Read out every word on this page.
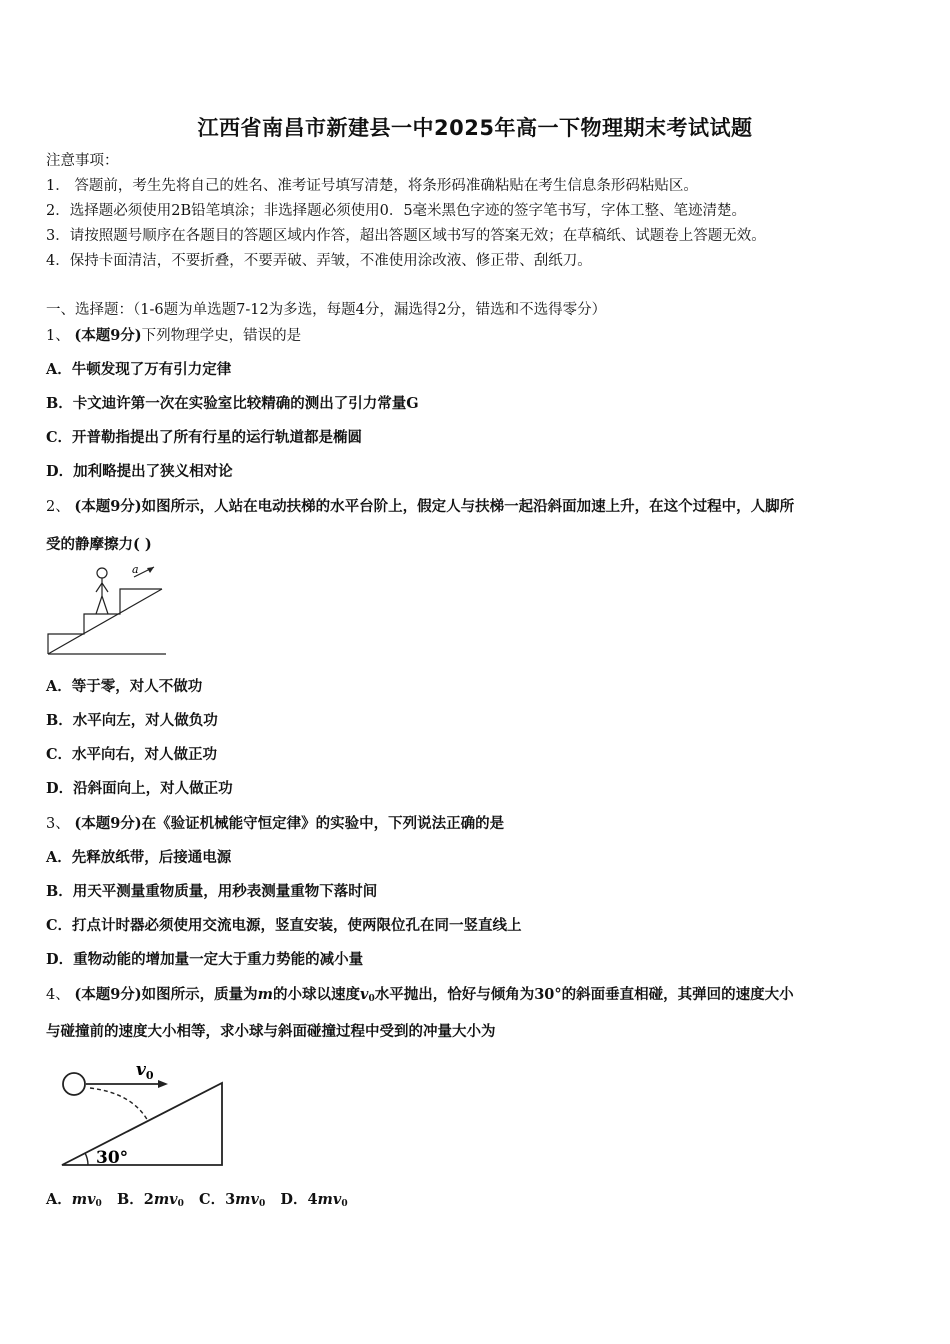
江西省南昌市新建县一中2025年高一下物理期末考试试题
注意事项：
1． 答题前，考生先将自己的姓名、准考证号填写清楚，将条形码准确粘贴在考生信息条形码粘贴区。
2．选择题必须使用2B铅笔填涂；非选择题必须使用0．5毫米黑色字迹的签字笔书写，字体工整、笔迹清楚。
3．请按照题号顺序在各题目的答题区域内作答，超出答题区域书写的答案无效；在草稿纸、试题卷上答题无效。
4．保持卡面清洁，不要折叠，不要弄破、弄皱，不准使用涂改液、修正带、刮纸刀。
一、选择题：（1-6题为单选题7-12为多选，每题4分，漏选得2分，错选和不选得零分）
1、 (本题9分)下列物理学史，错误的是
A．牛顿发现了万有引力定律
B．卡文迪许第一次在实验室比较精确的测出了引力常量G
C．开普勒指提出了所有行星的运行轨道都是椭圆
D．加利略提出了狭义相对论
2、 (本题9分)如图所示，人站在电动扶梯的水平台阶上，假定人与扶梯一起沿斜面加速上升，在这个过程中，人脚所
受的静摩擦力( )
a
A．等于零，对人不做功
B．水平向左，对人做负功
C．水平向右，对人做正功
D．沿斜面向上，对人做正功
3、 (本题9分)在《验证机械能守恒定律》的实验中，下列说法正确的是
A．先释放纸带，后接通电源
B．用天平测量重物质量，用秒表测量重物下落时间
C．打点计时器必须使用交流电源，竖直安装，使两限位孔在同一竖直线上
D．重物动能的增加量一定大于重力势能的减小量
4、 (本题9分)如图所示，质量为m的小球以速度$v_0$水平抛出，恰好与倾角为30°的斜面垂直相碰，其弹回的速度大小
与碰撞前的速度大小相等，求小球与斜面碰撞过程中受到的冲量大小为
$v_0$
30°
A．$mv_0$ B．$2mv_0$ C．$3mv_0$ D．$4mv_0$
